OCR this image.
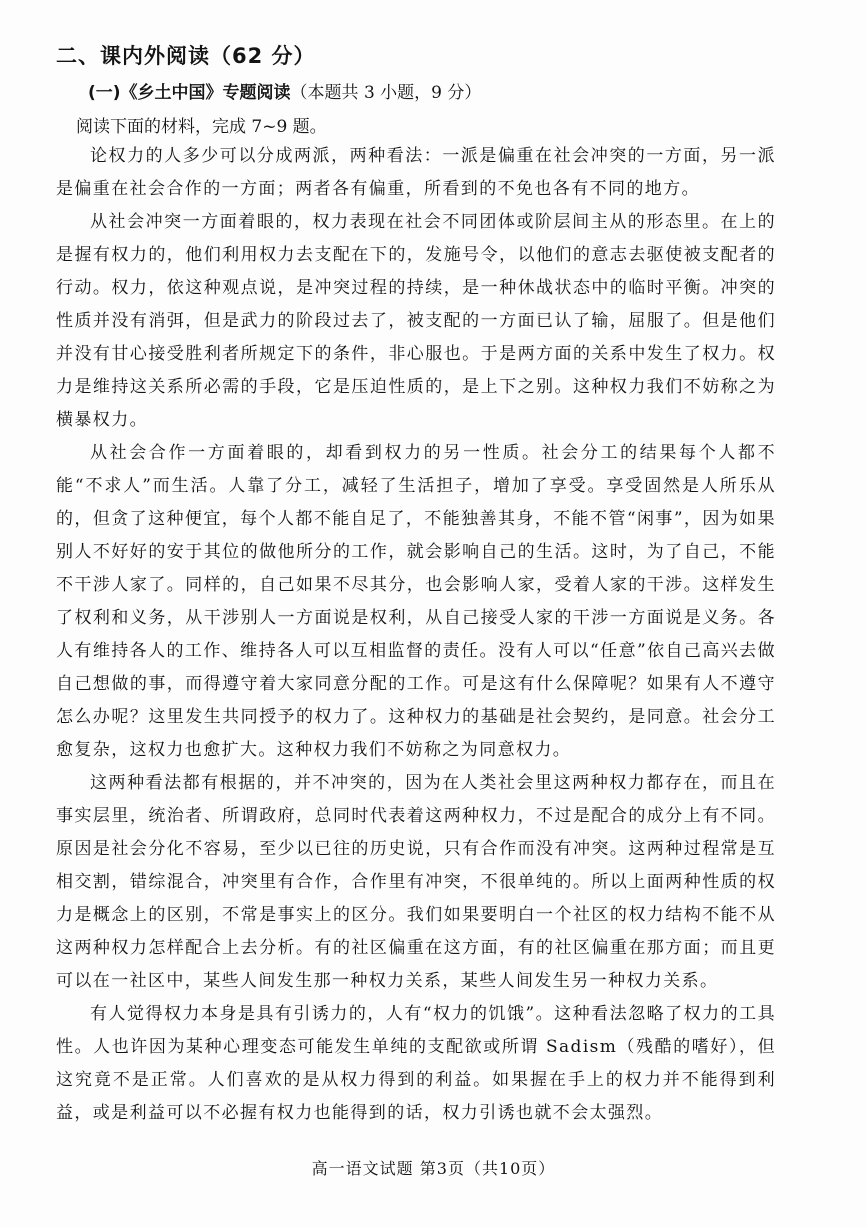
二、课内外阅读（62 分）
(一)《乡土中国》专题阅读（本题共 3 小题，9 分）
阅读下面的材料，完成 7~9 题。

论权力的人多少可以分成两派，两种看法：一派是偏重在社会冲突的一方面，另一派是偏重在社会合作的一方面；两者各有偏重，所看到的不免也各有不同的地方。

从社会冲突一方面着眼的，权力表现在社会不同团体或阶层间主从的形态里。在上的是握有权力的，他们利用权力去支配在下的，发施号令，以他们的意志去驱使被支配者的行动。权力，依这种观点说，是冲突过程的持续，是一种休战状态中的临时平衡。冲突的性质并没有消弭，但是武力的阶段过去了，被支配的一方面已认了输，屈服了。但是他们并没有甘心接受胜利者所规定下的条件，非心服也。于是两方面的关系中发生了权力。权力是维持这关系所必需的手段，它是压迫性质的，是上下之别。这种权力我们不妨称之为横暴权力。

从社会合作一方面着眼的，却看到权力的另一性质。社会分工的结果每个人都不能“不求人”而生活。人靠了分工，减轻了生活担子，增加了享受。享受固然是人所乐从的，但贪了这种便宜，每个人都不能自足了，不能独善其身，不能不管“闲事”，因为如果别人不好好的安于其位的做他所分的工作，就会影响自己的生活。这时，为了自己，不能不干涉人家了。同样的，自己如果不尽其分，也会影响人家，受着人家的干涉。这样发生了权利和义务，从干涉别人一方面说是权利，从自己接受人家的干涉一方面说是义务。各人有维持各人的工作、维持各人可以互相监督的责任。没有人可以“任意”依自己高兴去做自己想做的事，而得遵守着大家同意分配的工作。可是这有什么保障呢？如果有人不遵守怎么办呢？这里发生共同授予的权力了。这种权力的基础是社会契约，是同意。社会分工愈复杂，这权力也愈扩大。这种权力我们不妨称之为同意权力。

这两种看法都有根据的，并不冲突的，因为在人类社会里这两种权力都存在，而且在事实层里，统治者、所谓政府，总同时代表着这两种权力，不过是配合的成分上有不同。原因是社会分化不容易，至少以已往的历史说，只有合作而没有冲突。这两种过程常是互相交割，错综混合，冲突里有合作，合作里有冲突，不很单纯的。所以上面两种性质的权力是概念上的区别，不常是事实上的区分。我们如果要明白一个社区的权力结构不能不从这两种权力怎样配合上去分析。有的社区偏重在这方面，有的社区偏重在那方面；而且更可以在一社区中，某些人间发生那一种权力关系，某些人间发生另一种权力关系。

有人觉得权力本身是具有引诱力的，人有“权力的饥饿”。这种看法忽略了权力的工具性。人也许因为某种心理变态可能发生单纯的支配欲或所谓 Sadism（残酷的嗜好），但这究竟不是正常。人们喜欢的是从权力得到的利益。如果握在手上的权力并不能得到利益，或是利益可以不必握有权力也能得到的话，权力引诱也就不会太强烈。

高一语文试题 第3页（共10页）
